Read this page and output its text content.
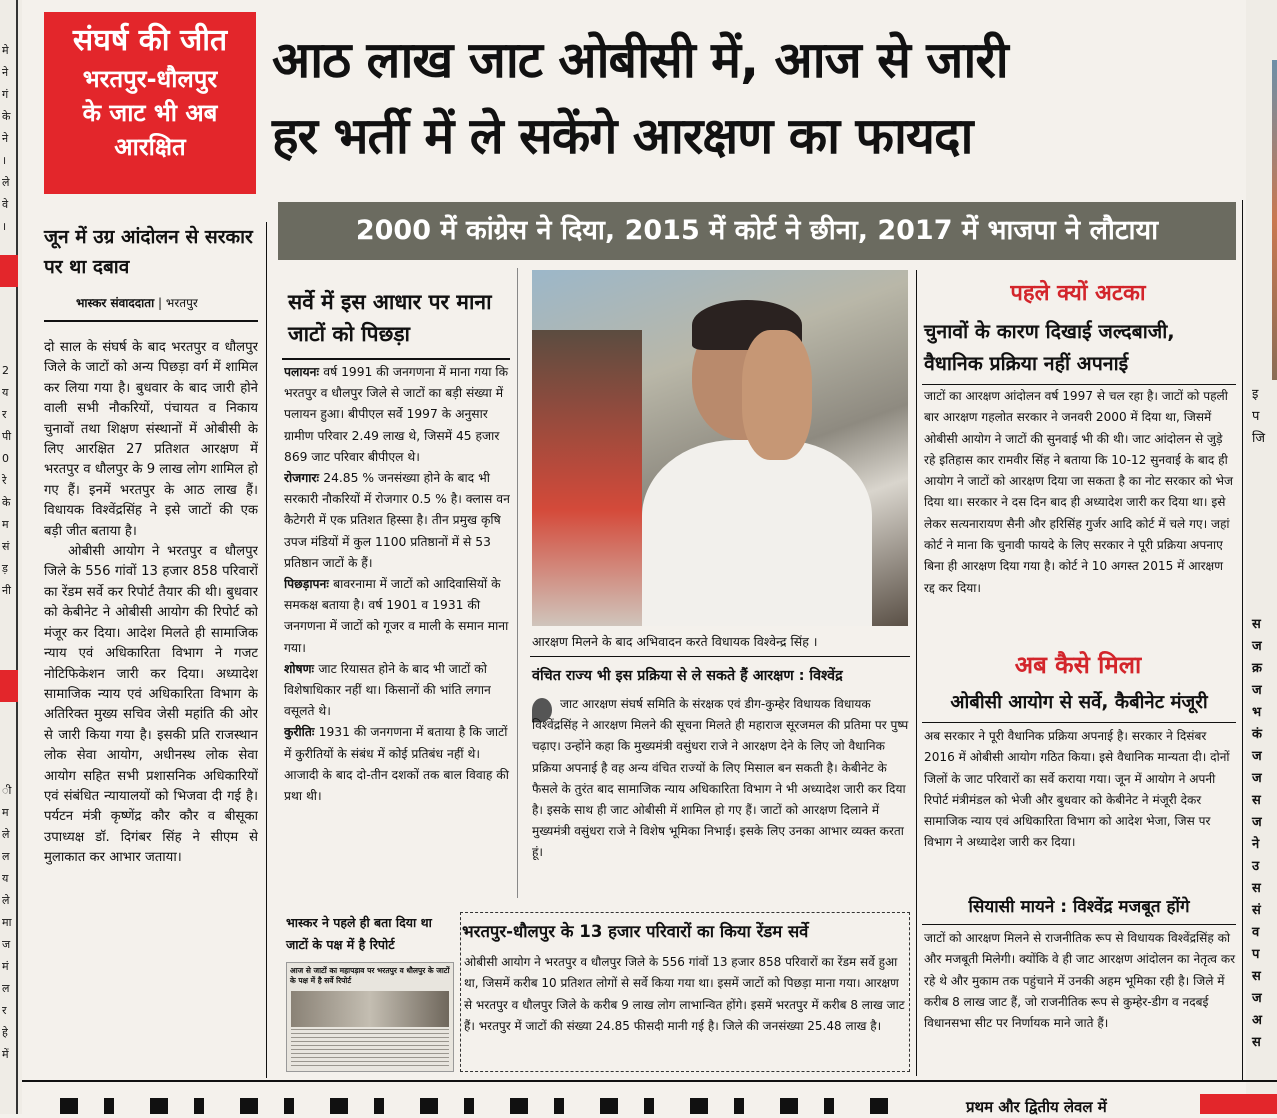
मे
ने
गं
के
ने
।
ले
वे
।
2
य
र
पी
0
रे
के
म
सं
ड़
नी
ी
म
ले
ल
य
ले
मा
ज
मं
ल
र
हे
में
संघर्ष की जीत
भरतपुर-धौलपुर
के जाट भी अब
आरक्षित
आठ लाख जाट ओबीसी में, आज से जारी
हर भर्ती में ले सकेंगे आरक्षण का फायदा
2000 में कांग्रेस ने दिया, 2015 में कोर्ट ने छीना, 2017 में भाजपा ने लौटाया
जून में उग्र आंदोलन से सरकार पर था दबाव
भास्कर संवाददाता | भरतपुर
दो साल के संघर्ष के बाद भरतपुर व धौलपुर जिले के जाटों को अन्य पिछड़ा वर्ग में शामिल कर लिया गया है। बुधवार के बाद जारी होने वाली सभी नौकरियों, पंचायत व निकाय चुनावों तथा शिक्षण संस्थानों में ओबीसी के लिए आरक्षित 27 प्रतिशत आरक्षण में भरतपुर व धौलपुर के 9 लाख लोग शामिल हो गए हैं। इनमें भरतपुर के आठ लाख हैं। विधायक विश्वेंद्रसिंह ने इसे जाटों की एक बड़ी जीत बताया है।
ओबीसी आयोग ने भरतपुर व धौलपुर जिले के 556 गांवों 13 हजार 858 परिवारों का रेंडम सर्वे कर रिपोर्ट तैयार की थी। बुधवार को केबीनेट ने ओबीसी आयोग की रिपोर्ट को मंजूर कर दिया। आदेश मिलते ही सामाजिक न्याय एवं अधिकारिता विभाग ने गजट नोटिफिकेशन जारी कर दिया। अध्यादेश सामाजिक न्याय एवं अधिकारिता विभाग के अतिरिक्त मुख्य सचिव जेसी महांति की ओर से जारी किया गया है। इसकी प्रति राजस्थान लोक सेवा आयोग, अधीनस्थ लोक सेवा आयोग सहित सभी प्रशासनिक अधिकारियों एवं संबंधित न्यायालयों को भिजवा दी गई है। पर्यटन मंत्री कृष्णेंद्र कौर कौर व बीसूका उपाध्यक्ष डॉ. दिगंबर सिंह ने सीएम से मुलाकात कर आभार जताया।
सर्वे में इस आधार पर माना जाटों को पिछड़ा
पलायनः वर्ष 1991 की जनगणना में माना गया कि भरतपुर व धौलपुर जिले से जाटों का बड़ी संख्या में पलायन हुआ। बीपीएल सर्वे 1997 के अनुसार ग्रामीण परिवार 2.49 लाख थे, जिसमें 45 हजार 869 जाट परिवार बीपीएल थे।
रोजगारः 24.85 % जनसंख्या होने के बाद भी सरकारी नौकरियों में रोजगार 0.5 % है। क्लास वन कैटेगरी में एक प्रतिशत हिस्सा है। तीन प्रमुख कृषि उपज मंडियों में कुल 1100 प्रतिष्ठानों में से 53 प्रतिष्ठान जाटों के हैं।
पिछड़ापनः बावरनामा में जाटों को आदिवासियों के समकक्ष बताया है। वर्ष 1901 व 1931 की जनगणना में जाटों को गूजर व माली के समान माना गया।
शोषणः जाट रियासत होने के बाद भी जाटों को विशेषाधिकार नहीं था। किसानों की भांति लगान वसूलते थे।
कुरीतिः 1931 की जनगणना में बताया है कि जाटों में कुरीतियों के संबंध में कोई प्रतिबंध नहीं थे। आजादी के बाद दो-तीन दशकों तक बाल विवाह की प्रथा थी।
भास्कर ने पहले ही बता दिया था जाटों के पक्ष में है रिपोर्ट
आज से जाटों का महापड़ाव पर भरतपुर व धौलपुर के जाटों के पक्ष में है सर्वे रिपोर्ट
आरक्षण मिलने के बाद अभिवादन करते विधायक विश्वेन्द्र सिंह ।
वंचित राज्य भी इस प्रक्रिया से ले सकते हैं आरक्षण : विश्वेंद्र
जाट आरक्षण संघर्ष समिति के संरक्षक एवं डीग-कुम्हेर विधायक विधायक विश्वेंद्रसिंह ने आरक्षण मिलने की सूचना मिलते ही महाराज सूरजमल की प्रतिमा पर पुष्प चढ़ाए। उन्होंने कहा कि मुख्यमंत्री वसुंधरा राजे ने आरक्षण देने के लिए जो वैधानिक प्रक्रिया अपनाई है वह अन्य वंचित राज्यों के लिए मिसाल बन सकती है। केबीनेट के फैसले के तुरंत बाद सामाजिक न्याय अधिकारिता विभाग ने भी अध्यादेश जारी कर दिया है। इसके साथ ही जाट ओबीसी में शामिल हो गए हैं। जाटों को आरक्षण दिलाने में मुख्यमंत्री वसुंधरा राजे ने विशेष भूमिका निभाई। इसके लिए उनका आभार व्यक्त करता हूं।
भरतपुर-धौलपुर के 13 हजार परिवारों का किया रेंडम सर्वे
ओबीसी आयोग ने भरतपुर व धौलपुर जिले के 556 गांवों 13 हजार 858 परिवारों का रेंडम सर्वे हुआ था, जिसमें करीब 10 प्रतिशत लोगों से सर्वे किया गया था। इसमें जाटों को पिछड़ा माना गया। आरक्षण से भरतपुर व धौलपुर जिले के करीब 9 लाख लोग लाभान्वित होंगे। इसमें भरतपुर में करीब 8 लाख जाट हैं। भरतपुर में जाटों की संख्या 24.85 फीसदी मानी गई है। जिले की जनसंख्या 25.48 लाख है।
पहले क्यों अटका
चुनावों के कारण दिखाई जल्दबाजी, वैधानिक प्रक्रिया नहीं अपनाई
जाटों का आरक्षण आंदोलन वर्ष 1997 से चल रहा है। जाटों को पहली बार आरक्षण गहलोत सरकार ने जनवरी 2000 में दिया था, जिसमें ओबीसी आयोग ने जाटों की सुनवाई भी की थी। जाट आंदोलन से जुड़े रहे इतिहास कार रामवीर सिंह ने बताया कि 10-12 सुनवाई के बाद ही आयोग ने जाटों को आरक्षण दिया जा सकता है का नोट सरकार को भेज दिया था। सरकार ने दस दिन बाद ही अध्यादेश जारी कर दिया था। इसे लेकर सत्यनारायण सैनी और हरिसिंह गुर्जर आदि कोर्ट में चले गए। जहां कोर्ट ने माना कि चुनावी फायदे के लिए सरकार ने पूरी प्रक्रिया अपनाए बिना ही आरक्षण दिया गया है। कोर्ट ने 10 अगस्त 2015 में आरक्षण रद्द कर दिया।
अब कैसे मिला
ओबीसी आयोग से सर्वे, कैबीनेट मंजूरी
अब सरकार ने पूरी वैधानिक प्रक्रिया अपनाई है। सरकार ने दिसंबर 2016 में ओबीसी आयोग गठित किया। इसे वैधानिक मान्यता दी। दोनों जिलों के जाट परिवारों का सर्वे कराया गया। जून में आयोग ने अपनी रिपोर्ट मंत्रीमंडल को भेजी और बुधवार को केबीनेट ने मंजूरी देकर सामाजिक न्याय एवं अधिकारिता विभाग को आदेश भेजा, जिस पर विभाग ने अध्यादेश जारी कर दिया।
सियासी मायने : विश्वेंद्र मजबूत होंगे
जाटों को आरक्षण मिलने से राजनीतिक रूप से विधायक विश्वेंद्रसिंह को और मजबूती मिलेगी। क्योंकि वे ही जाट आरक्षण आंदोलन का नेतृत्व कर रहे थे और मुकाम तक पहुंचाने में उनकी अहम भूमिका रही है। जिले में करीब 8 लाख जाट हैं, जो राजनीतिक रूप से कुम्हेर-डीग व नदबई विधानसभा सीट पर निर्णायक माने जाते हैं।
इ
प
जि
स
ज
क्र
ज
भ
कं
ज
ज
स
ज
ने
उ
स
सं
व
प
स
ज
अ
स
प्रथम और द्वितीय लेवल में
